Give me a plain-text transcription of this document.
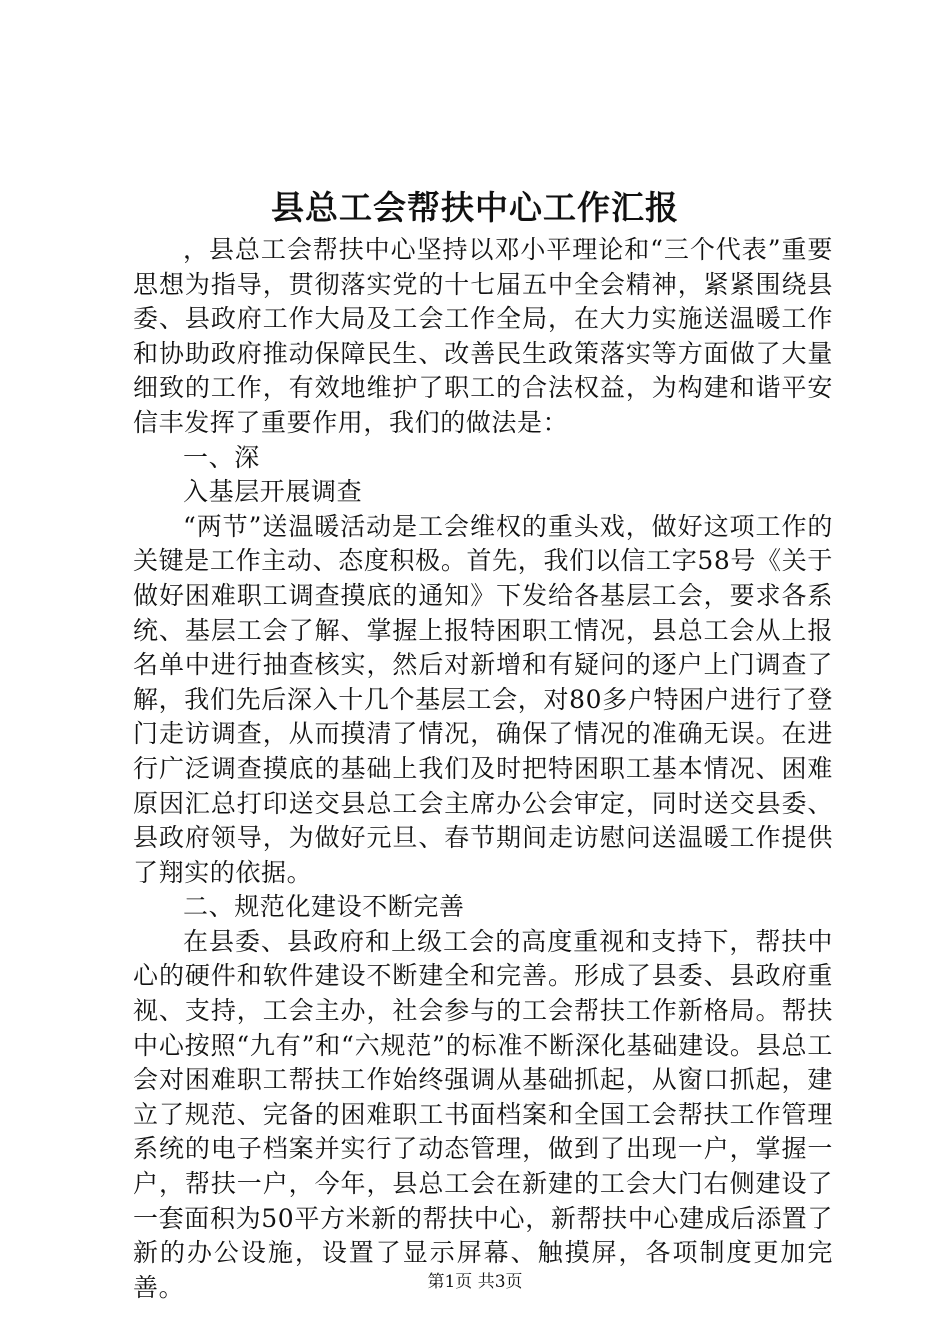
县总工会帮扶中心工作汇报

，县总工会帮扶中心坚持以邓小平理论和“三个代表”重要思想为指导，贯彻落实党的十七届五中全会精神，紧紧围绕县委、县政府工作大局及工会工作全局，在大力实施送温暖工作和协助政府推动保障民生、改善民生政策落实等方面做了大量细致的工作，有效地维护了职工的合法权益，为构建和谐平安信丰发挥了重要作用，我们的做法是：

一、深

入基层开展调查

“两节”送温暖活动是工会维权的重头戏，做好这项工作的关键是工作主动、态度积极。首先，我们以信工字58号《关于做好困难职工调查摸底的通知》下发给各基层工会，要求各系统、基层工会了解、掌握上报特困职工情况，县总工会从上报名单中进行抽查核实，然后对新增和有疑问的逐户上门调查了解，我们先后深入十几个基层工会，对80多户特困户进行了登门走访调查，从而摸清了情况，确保了情况的准确无误。在进行广泛调查摸底的基础上我们及时把特困职工基本情况、困难原因汇总打印送交县总工会主席办公会审定，同时送交县委、县政府领导，为做好元旦、春节期间走访慰问送温暖工作提供了翔实的依据。

二、规范化建设不断完善

在县委、县政府和上级工会的高度重视和支持下，帮扶中心的硬件和软件建设不断建全和完善。形成了县委、县政府重视、支持，工会主办，社会参与的工会帮扶工作新格局。帮扶中心按照“九有”和“六规范”的标准不断深化基础建设。县总工会对困难职工帮扶工作始终强调从基础抓起，从窗口抓起，建立了规范、完备的困难职工书面档案和全国工会帮扶工作管理系统的电子档案并实行了动态管理，做到了出现一户，掌握一户，帮扶一户，今年，县总工会在新建的工会大门右侧建设了一套面积为50平方米新的帮扶中心，新帮扶中心建成后添置了新的办公设施，设置了显示屏幕、触摸屏，各项制度更加完善。	第1页 共3页
